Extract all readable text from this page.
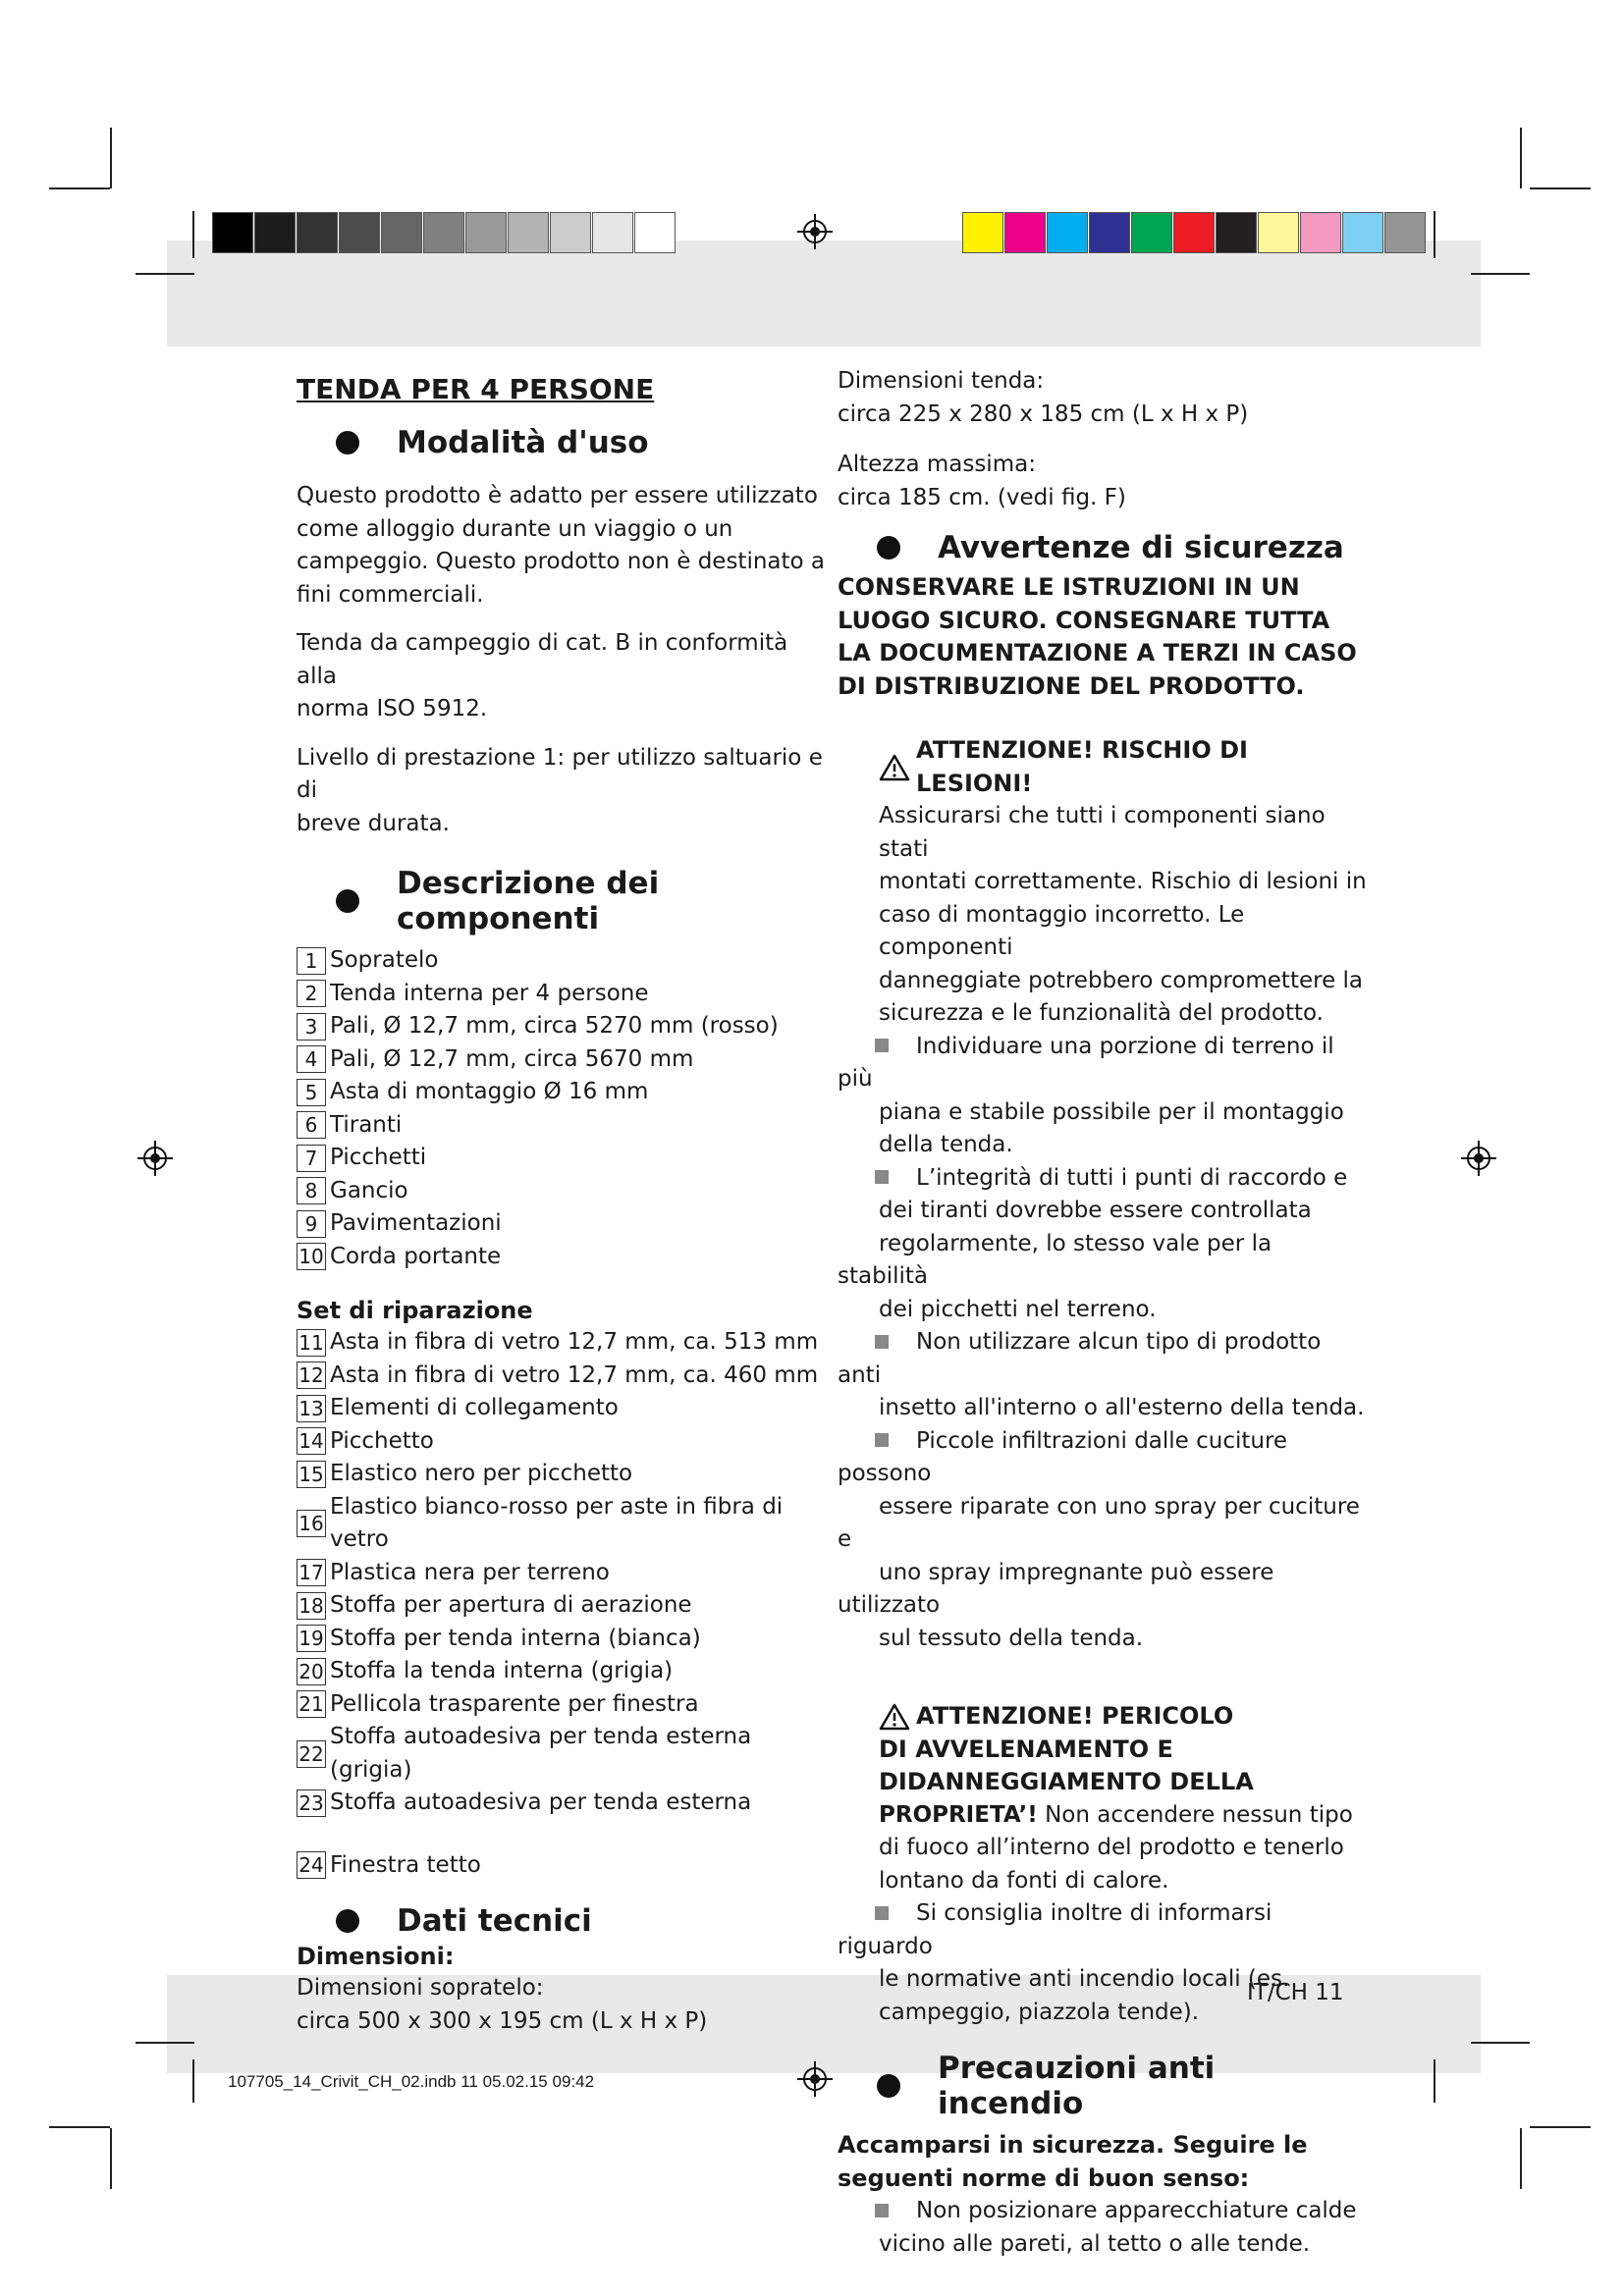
TENDA PER 4 PERSONE
Modalità d'uso

Questo prodotto è adatto per essere utilizzato
come alloggio durante un viaggio o un
campeggio. Questo prodotto non è destinato a
fini commerciali.

Tenda da campeggio di cat. B in conformità alla
norma ISO 5912.

Livello di prestazione 1: per utilizzo saltuario e di
breve durata.

Descrizione dei componenti
1 Sopratelo
2 Tenda interna per 4 persone
3 Pali, Ø 12,7 mm, circa 5270 mm (rosso)
4 Pali, Ø 12,7 mm, circa 5670 mm
5 Asta di montaggio Ø 16 mm
6 Tiranti
7 Picchetti
8 Gancio
9 Pavimentazioni
10 Corda portante
Set di riparazione
11 Asta in fibra di vetro 12,7 mm, ca. 513 mm
12 Asta in fibra di vetro 12,7 mm, ca. 460 mm
13 Elementi di collegamento
14 Picchetto
15 Elastico nero per picchetto
16
Elastico bianco-rosso per aste in fibra di vetro
17 Plastica nera per terreno
18 Stoffa per apertura di aerazione
19 Stoffa per tenda interna (bianca)
20 Stoffa la tenda interna (grigia)
21 Pellicola trasparente per finestra
22
Stoffa autoadesiva per tenda esterna (grigia)
23 Stoffa autoadesiva per tenda esterna
24 Finestra tetto
Dati tecnici
Dimensioni:

Dimensioni sopratelo:
circa 500 x 300 x 195 cm (L x H x P)

Dimensioni tenda:
circa 225 x 280 x 185 cm (L x H x P)

Altezza massima:
circa 185 cm. (vedi fig. F)

Avvertenze di sicurezza
CONSERVARE LE ISTRUZIONI IN UN
LUOGO SICURO. CONSEGNARE TUTTA
LA DOCUMENTAZIONE A TERZI IN CASO
DI DISTRIBUZIONE DEL PRODOTTO.
ATTENZIONE! RISCHIO DI LESIONI!
Assicurarsi che tutti i componenti siano stati
montati correttamente. Rischio di lesioni in
caso di montaggio incorretto. Le componenti
danneggiate potrebbero compromettere la
sicurezza e le funzionalità del prodotto.
Individuare una porzione di terreno il più
piana e stabile possibile per il montaggio
della tenda.
L’integrità di tutti i punti di raccordo e
dei tiranti dovrebbe essere controllata
regolarmente, lo stesso vale per la stabilità
dei picchetti nel terreno.
Non utilizzare alcun tipo di prodotto anti
insetto all'interno o all'esterno della tenda.
Piccole infiltrazioni dalle cuciture possono
essere riparate con uno spray per cuciture e
uno spray impregnante può essere utilizzato
sul tessuto della tenda.
ATTENZIONE! PERICOLO
DI AVVELENAMENTO E
DIDANNEGGIAMENTO DELLA
PROPRIETA’! Non accendere nessun tipo
di fuoco all’interno del prodotto e tenerlo
lontano da fonti di calore.
Si consiglia inoltre di informarsi riguardo
le normative anti incendio locali (es.
campeggio, piazzola tende).
Precauzioni anti incendio
Accamparsi in sicurezza. Seguire le
seguenti norme di buon senso:
Non posizionare apparecchiature calde
vicino alle pareti, al tetto o alle tende.
IT/CH 11
107705_14_Crivit_CH_02.indb 11 05.02.15 09:42
